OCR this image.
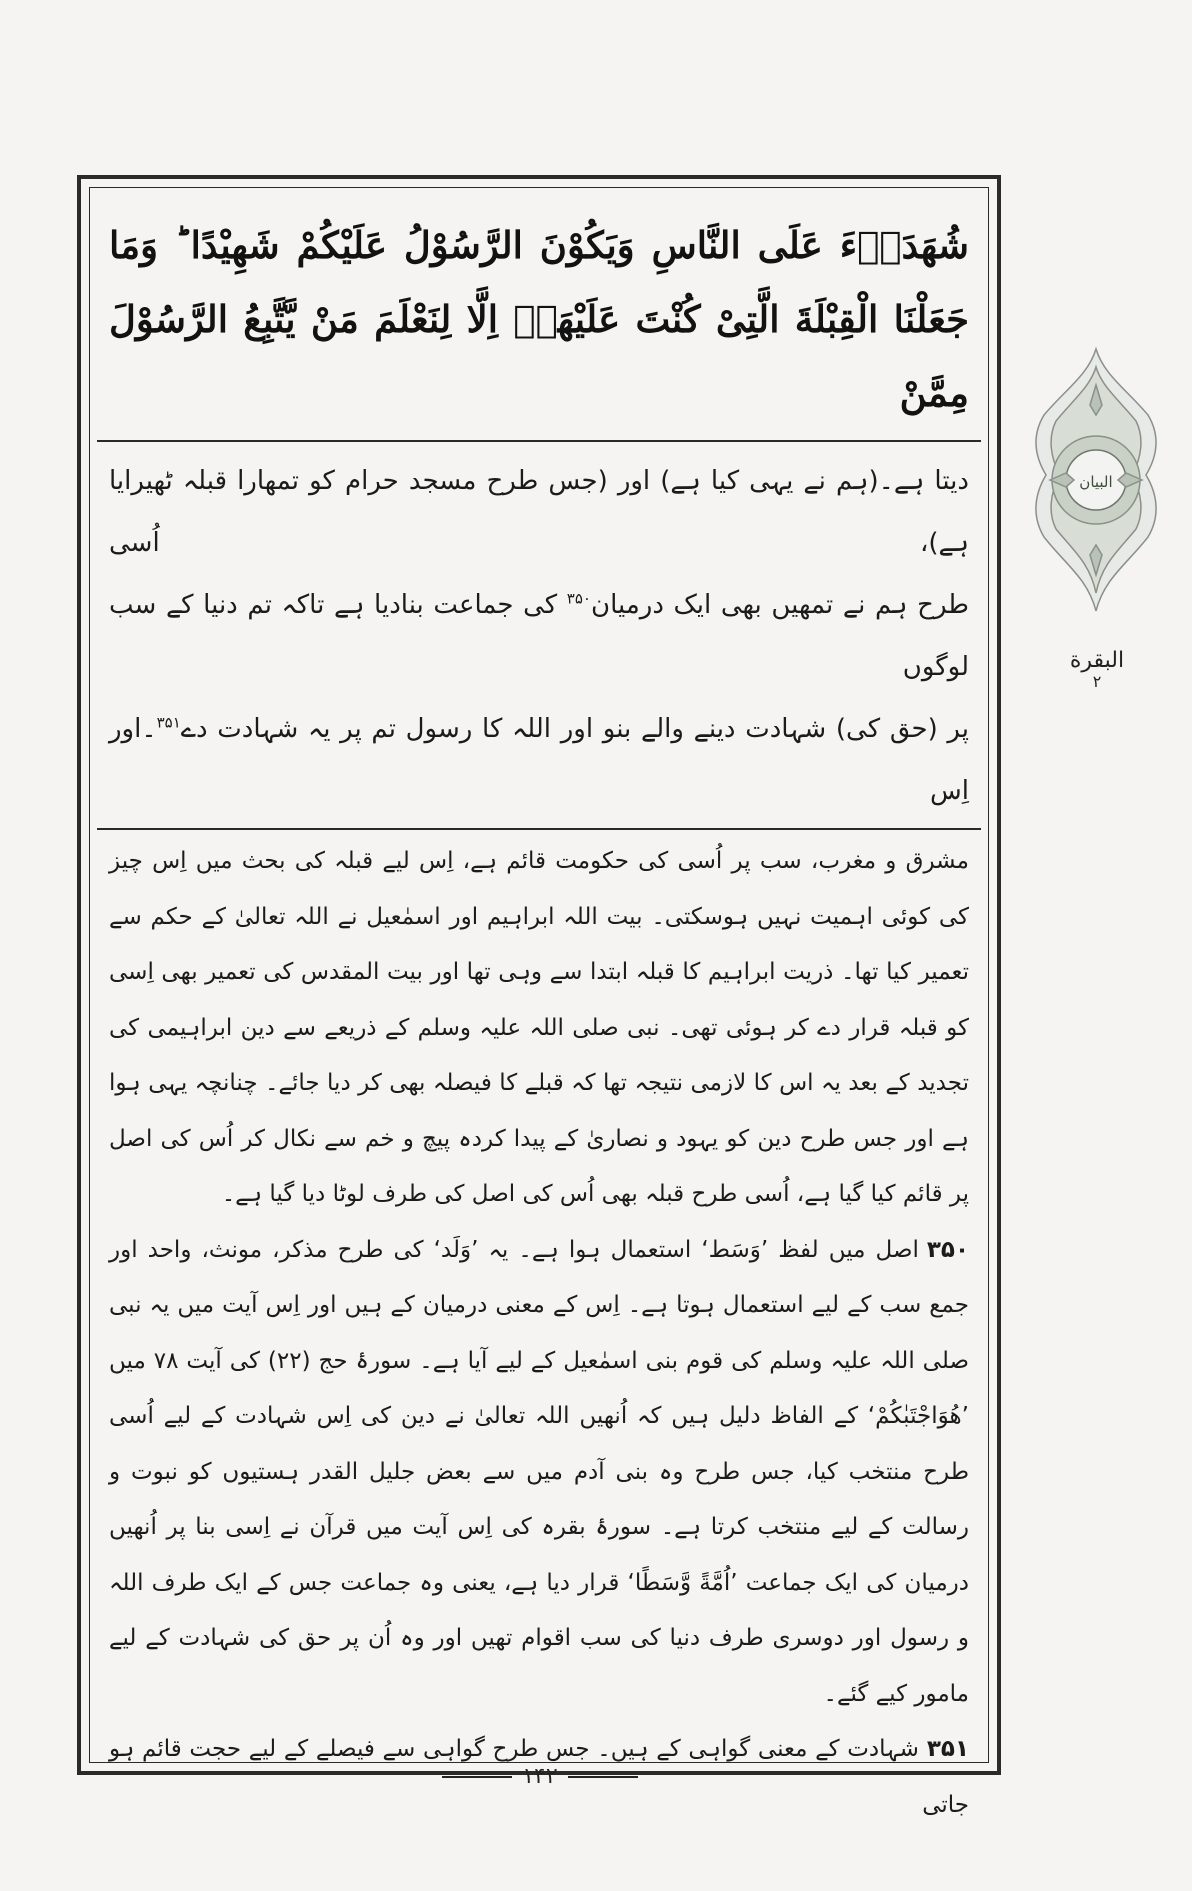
شُهَدَاۤءَ عَلَى النَّاسِ وَيَكُوْنَ الرَّسُوْلُ عَلَيْكُمْ شَهِيْدًا ؕ وَمَا
جَعَلْنَا الْقِبْلَةَ الَّتِىْ كُنْتَ عَلَيْهَاۤ اِلَّا لِنَعْلَمَ مَنْ يَّتَّبِعُ الرَّسُوْلَ مِمَّنْ
دیتا ہے۔(ہم نے یہی کیا ہے) اور (جس طرح مسجد حرام کو تمھارا قبلہ ٹھیرایا ہے)، اُسی
طرح ہم نے تمھیں بھی ایک درمیان$^{۳۵۰}$ کی جماعت بنادیا ہے تاکہ تم دنیا کے سب لوگوں
پر (حق کی) شہادت دینے والے بنو اور اللہ کا رسول تم پر یہ شہادت دے$^{۳۵۱}$۔اور اِس

مشرق و مغرب، سب پر اُسی کی حکومت قائم ہے، اِس لیے قبلہ کی بحث میں اِس چیز کی کوئی اہمیت نہیں ہوسکتی۔ بیت اللہ ابراہیم اور اسمٰعیل نے اللہ تعالیٰ کے حکم سے تعمیر کیا تھا۔ ذریت ابراہیم کا قبلہ ابتدا سے وہی تھا اور بیت المقدس کی تعمیر بھی اِسی کو قبلہ قرار دے کر ہوئی تھی۔ نبی صلی اللہ علیہ وسلم کے ذریعے سے دین ابراہیمی کی تجدید کے بعد یہ اس کا لازمی نتیجہ تھا کہ قبلے کا فیصلہ بھی کر دیا جائے۔ چنانچہ یہی ہوا ہے اور جس طرح دین کو یہود و نصاریٰ کے پیدا کردہ پیچ و خم سے نکال کر اُس کی اصل پر قائم کیا گیا ہے، اُسی طرح قبلہ بھی اُس کی اصل کی طرف لوٹا دیا گیا ہے۔

۳۵۰اصل میں لفظ ’وَسَط‘ استعمال ہوا ہے۔ یہ ’وَلَد‘ کی طرح مذکر، مونث، واحد اور جمع سب کے لیے استعمال ہوتا ہے۔ اِس کے معنی درمیان کے ہیں اور اِس آیت میں یہ نبی صلی اللہ علیہ وسلم کی قوم بنی اسمٰعیل کے لیے آیا ہے۔ سورۂ حج (۲۲) کی آیت ۷۸ میں ’ھُوَاجْتَبٰکُمْ‘ کے الفاظ دلیل ہیں کہ اُنھیں اللہ تعالیٰ نے دین کی اِس شہادت کے لیے اُسی طرح منتخب کیا، جس طرح وہ بنی آدم میں سے بعض جلیل القدر ہستیوں کو نبوت و رسالت کے لیے منتخب کرتا ہے۔ سورۂ بقرہ کی اِس آیت میں قرآن نے اِسی بنا پر اُنھیں درمیان کی ایک جماعت ’اُمَّةً وَّسَطًا‘ قرار دیا ہے، یعنی وہ جماعت جس کے ایک طرف اللہ و رسول اور دوسری طرف دنیا کی سب اقوام تھیں اور وہ اُن پر حق کی شہادت کے لیے مامور کیے گئے۔

۳۵۱شہادت کے معنی گواہی کے ہیں۔ جس طرح گواہی سے فیصلے کے لیے حجت قائم ہو جاتی

البیان
البقرة
۲
۱۴۲
